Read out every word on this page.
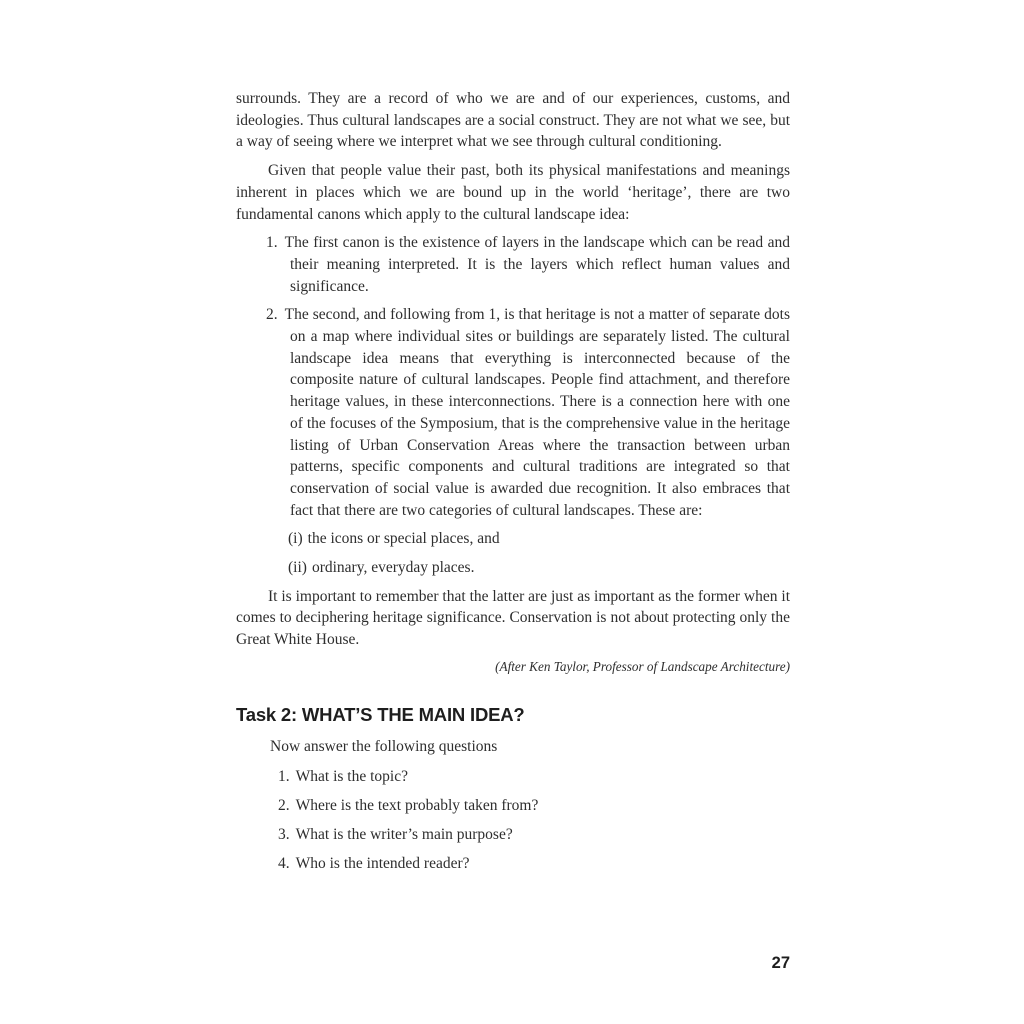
surrounds. They are a record of who we are and of our experiences, customs, and ideologies. Thus cultural landscapes are a social construct. They are not what we see, but a way of seeing where we interpret what we see through cultural conditioning.

Given that people value their past, both its physical manifestations and meanings inherent in places which we are bound up in the world ‘heritage’, there are two fundamental canons which apply to the cultural landscape idea:

1. The first canon is the existence of layers in the landscape which can be read and their meaning interpreted. It is the layers which reflect human values and significance.
2. The second, and following from 1, is that heritage is not a matter of separate dots on a map where individual sites or buildings are separately listed. The cultural landscape idea means that everything is interconnected because of the composite nature of cultural landscapes. People find attachment, and therefore heritage values, in these interconnections. There is a connection here with one of the focuses of the Symposium, that is the comprehensive value in the heritage listing of Urban Conservation Areas where the transaction between urban patterns, specific components and cultural traditions are integrated so that conservation of social value is awarded due recognition. It also embraces that fact that there are two categories of cultural landscapes. These are:
(i) the icons or special places, and
(ii) ordinary, everyday places.

It is important to remember that the latter are just as important as the former when it comes to deciphering heritage significance. Conservation is not about protecting only the Great White House.

(After Ken Taylor, Professor of Landscape Architecture)

Task 2: WHAT’S THE MAIN IDEA?

Now answer the following questions

1. What is the topic?
2. Where is the text probably taken from?
3. What is the writer’s main purpose?
4. Who is the intended reader?
27
